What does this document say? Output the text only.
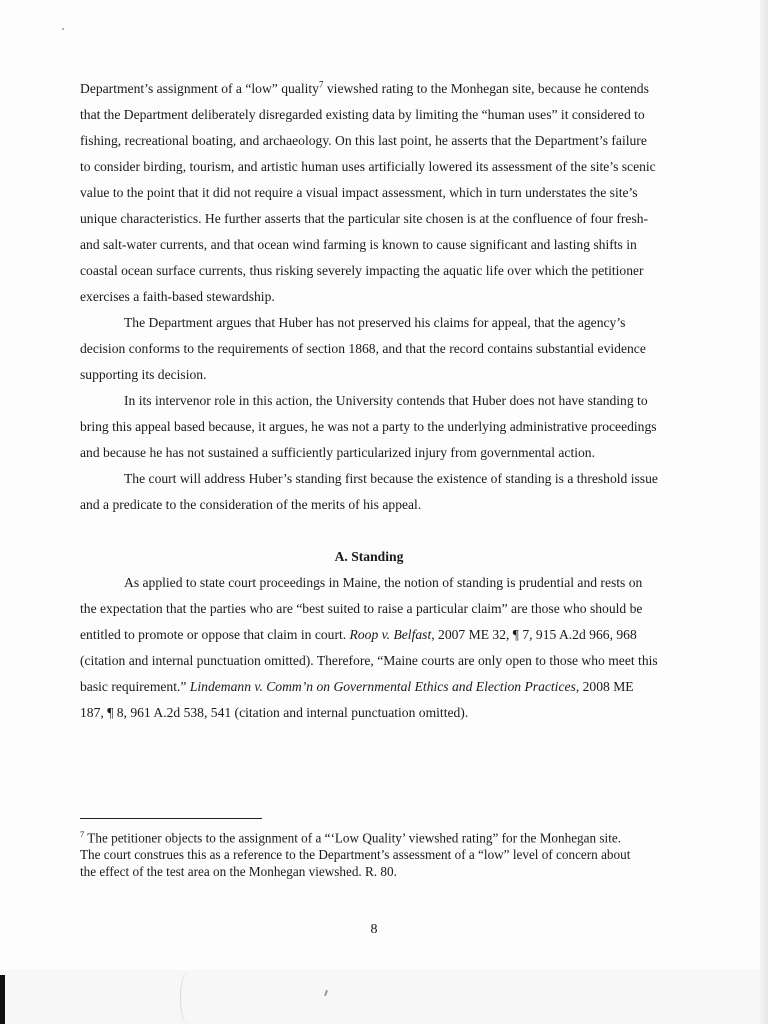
Department’s assignment of a “low” quality$^7$ viewshed rating to the Monhegan site, because he contends that the Department deliberately disregarded existing data by limiting the “human uses” it considered to fishing, recreational boating, and archaeology. On this last point, he asserts that the Department’s failure to consider birding, tourism, and artistic human uses artificially lowered its assessment of the site’s scenic value to the point that it did not require a visual impact assessment, which in turn understates the site’s unique characteristics. He further asserts that the particular site chosen is at the confluence of four fresh- and salt-water currents, and that ocean wind farming is known to cause significant and lasting shifts in coastal ocean surface currents, thus risking severely impacting the aquatic life over which the petitioner exercises a faith-based stewardship.

The Department argues that Huber has not preserved his claims for appeal, that the agency’s decision conforms to the requirements of section 1868, and that the record contains substantial evidence supporting its decision.

In its intervenor role in this action, the University contends that Huber does not have standing to bring this appeal based because, it argues, he was not a party to the underlying administrative proceedings and because he has not sustained a sufficiently particularized injury from governmental action.

The court will address Huber’s standing first because the existence of standing is a threshold issue and a predicate to the consideration of the merits of his appeal.

A. Standing

As applied to state court proceedings in Maine, the notion of standing is prudential and rests on the expectation that the parties who are “best suited to raise a particular claim” are those who should be entitled to promote or oppose that claim in court. Roop v. Belfast, 2007 ME 32, ¶ 7, 915 A.2d 966, 968 (citation and internal punctuation omitted). Therefore, “Maine courts are only open to those who meet this basic requirement.” Lindemann v. Comm’n on Governmental Ethics and Election Practices, 2008 ME 187, ¶ 8, 961 A.2d 538, 541 (citation and internal punctuation omitted).

$^7$ The petitioner objects to the assignment of a “‘Low Quality’ viewshed rating” for the Monhegan site. The court construes this as a reference to the Department’s assessment of a “low” level of concern about the effect of the test area on the Monhegan viewshed. R. 80.
8
